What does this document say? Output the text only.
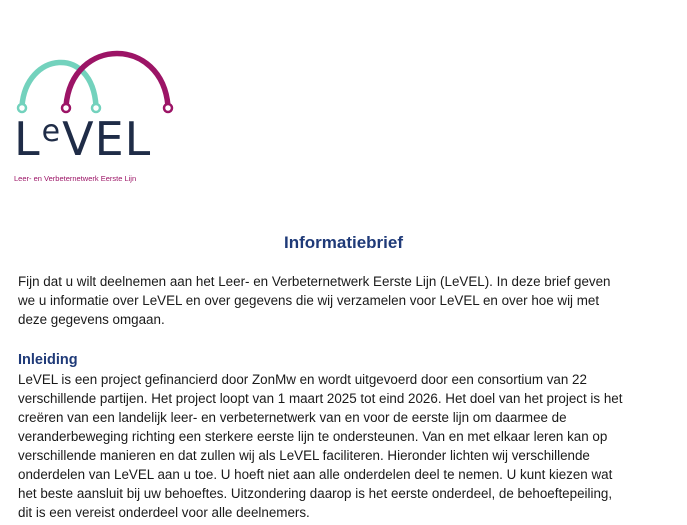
LeVEL
Leer- en Verbeternetwerk Eerste Lijn
Informatiebrief
Fijn dat u wilt deelnemen aan het Leer- en Verbeternetwerk Eerste Lijn (LeVEL). In deze brief geven
we u informatie over LeVEL en over gegevens die wij verzamelen voor LeVEL en over hoe wij met
deze gegevens omgaan.
Inleiding
LeVEL is een project gefinancierd door ZonMw en wordt uitgevoerd door een consortium van 22
verschillende partijen. Het project loopt van 1 maart 2025 tot eind 2026. Het doel van het project is het
creëren van een landelijk leer- en verbeternetwerk van en voor de eerste lijn om daarmee de
veranderbeweging richting een sterkere eerste lijn te ondersteunen. Van en met elkaar leren kan op
verschillende manieren en dat zullen wij als LeVEL faciliteren. Hieronder lichten wij verschillende
onderdelen van LeVEL aan u toe. U hoeft niet aan alle onderdelen deel te nemen. U kunt kiezen wat
het beste aansluit bij uw behoeftes. Uitzondering daarop is het eerste onderdeel, de behoeftepeiling,
dit is een vereist onderdeel voor alle deelnemers.
